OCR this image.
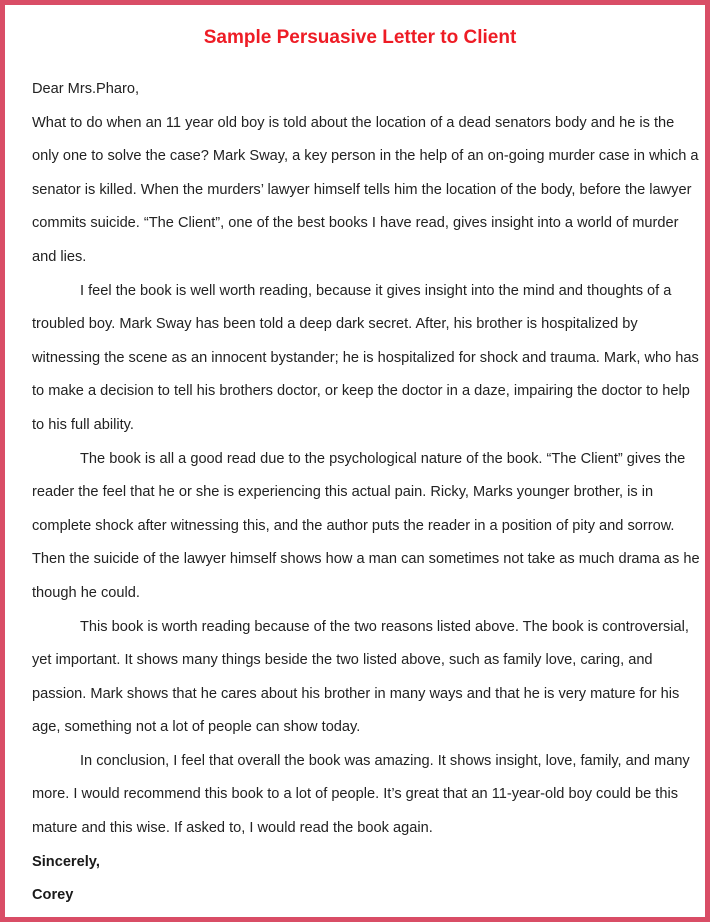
Sample Persuasive Letter to Client

Dear Mrs.Pharo,

What to do when an 11 year old boy is told about the location of a dead senators body and he is the only one to solve the case? Mark Sway, a key person in the help of an on-going murder case in which a senator is killed. When the murders’ lawyer himself tells him the location of the body, before the lawyer commits suicide. “The Client”, one of the best books I have read, gives insight into a world of murder and lies.

I feel the book is well worth reading, because it gives insight into the mind and thoughts of a troubled boy. Mark Sway has been told a deep dark secret. After, his brother is hospitalized by witnessing the scene as an innocent bystander; he is hospitalized for shock and trauma. Mark, who has to make a decision to tell his brothers doctor, or keep the doctor in a daze, impairing the doctor to help to his full ability.

The book is all a good read due to the psychological nature of the book. “The Client” gives the reader the feel that he or she is experiencing this actual pain. Ricky, Marks younger brother, is in complete shock after witnessing this, and the author puts the reader in a position of pity and sorrow. Then the suicide of the lawyer himself shows how a man can sometimes not take as much drama as he though he could.

This book is worth reading because of the two reasons listed above. The book is controversial, yet important. It shows many things beside the two listed above, such as family love, caring, and passion. Mark shows that he cares about his brother in many ways and that he is very mature for his age, something not a lot of people can show today.

In conclusion, I feel that overall the book was amazing. It shows insight, love, family, and many more. I would recommend this book to a lot of people. It’s great that an 11-year-old boy could be this mature and this wise. If asked to, I would read the book again.

Sincerely,

Corey
